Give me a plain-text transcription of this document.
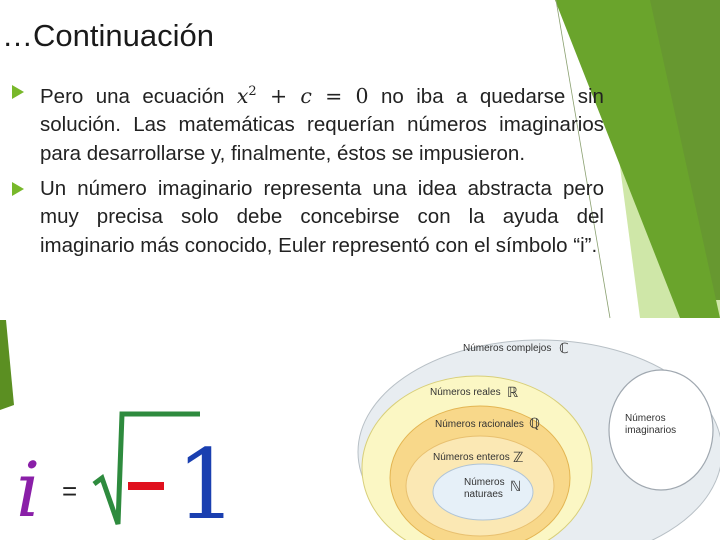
…Continuación
Pero una ecuación $x^2 + c = 0$ no iba a quedarse sin solución. Las matemáticas requerían números imaginarios para desarrollarse y, finalmente, éstos se impusieron.
Un número imaginario representa una idea abstracta pero muy precisa solo debe concebirse con la ayuda del imaginario más conocido, Euler representó con el símbolo “i”.
i = 1
Números complejos ℂ
Números reales ℝ
Números racionales ℚ
Números enteros ℤ
Números
naturaes
ℕ
Números
imaginarios
